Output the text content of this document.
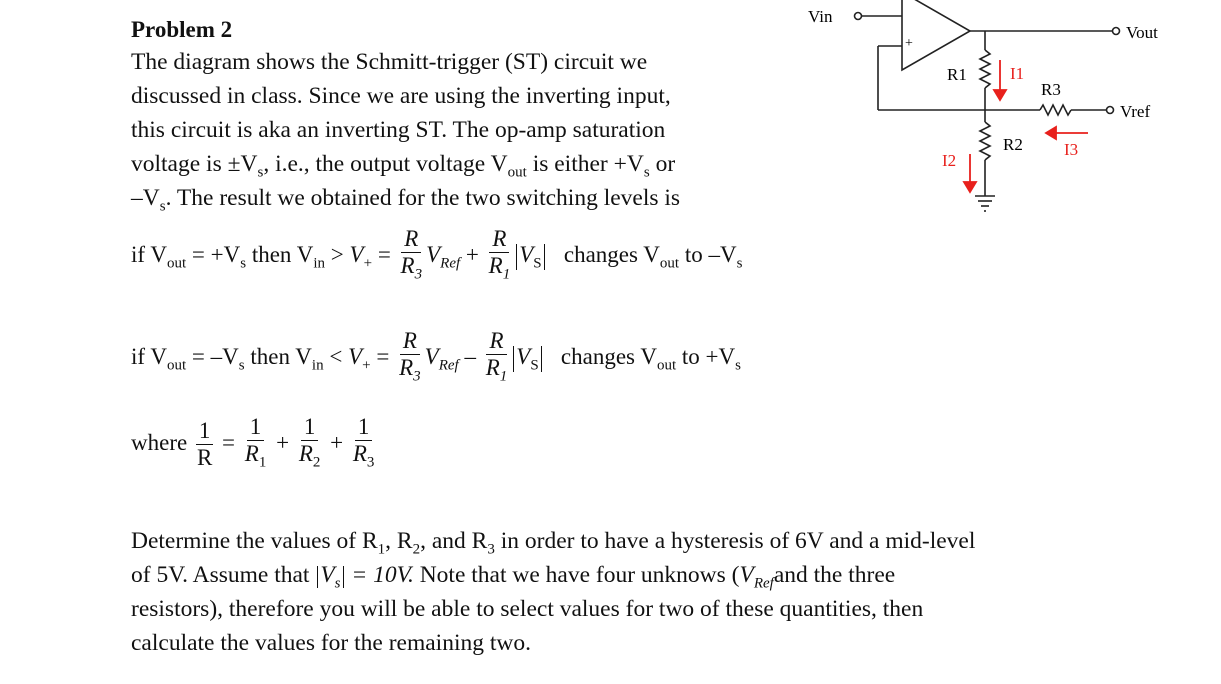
Problem 2
The diagram shows the Schmitt-trigger (ST) circuit we
discussed in class. Since we are using the inverting input,
this circuit is aka an inverting ST. The op-amp saturation
voltage is $\pm V_s$, i.e., the output voltage $V_{out}$ is either $+V_s$ or
$-V_s$. The result we obtained for the two switching levels is
if $V_{out} = +V_s$ then $V_{in} > V_+ = \frac{R}{R_3} V_{Ref} + \frac{R}{R_1} V_S$ changes $V_{out}$ to $-V_s$
if $V_{out} = -V_s$ then $V_{in} < V_+ = \frac{R}{R_3} V_{Ref} - \frac{R}{R_1} V_S$ changes $V_{out}$ to $+V_s$
where $\frac{1}{R} = \frac{1}{R_1} + \frac{1}{R_2} + \frac{1}{R_3}$
Determine the values of $R_1$, $R_2$, and $R_3$ in order to have a hysteresis of 6V and a mid-level
of 5V. Assume that $V_s = 10V$. Note that we have four unknows ($V_{Ref}and$ the three
resistors), therefore you will be able to select values for two of these quantities, then
calculate the values for the remaining two.
Vin
+
Vout
Vref
R1
R2
R3
I1
I2
I3
